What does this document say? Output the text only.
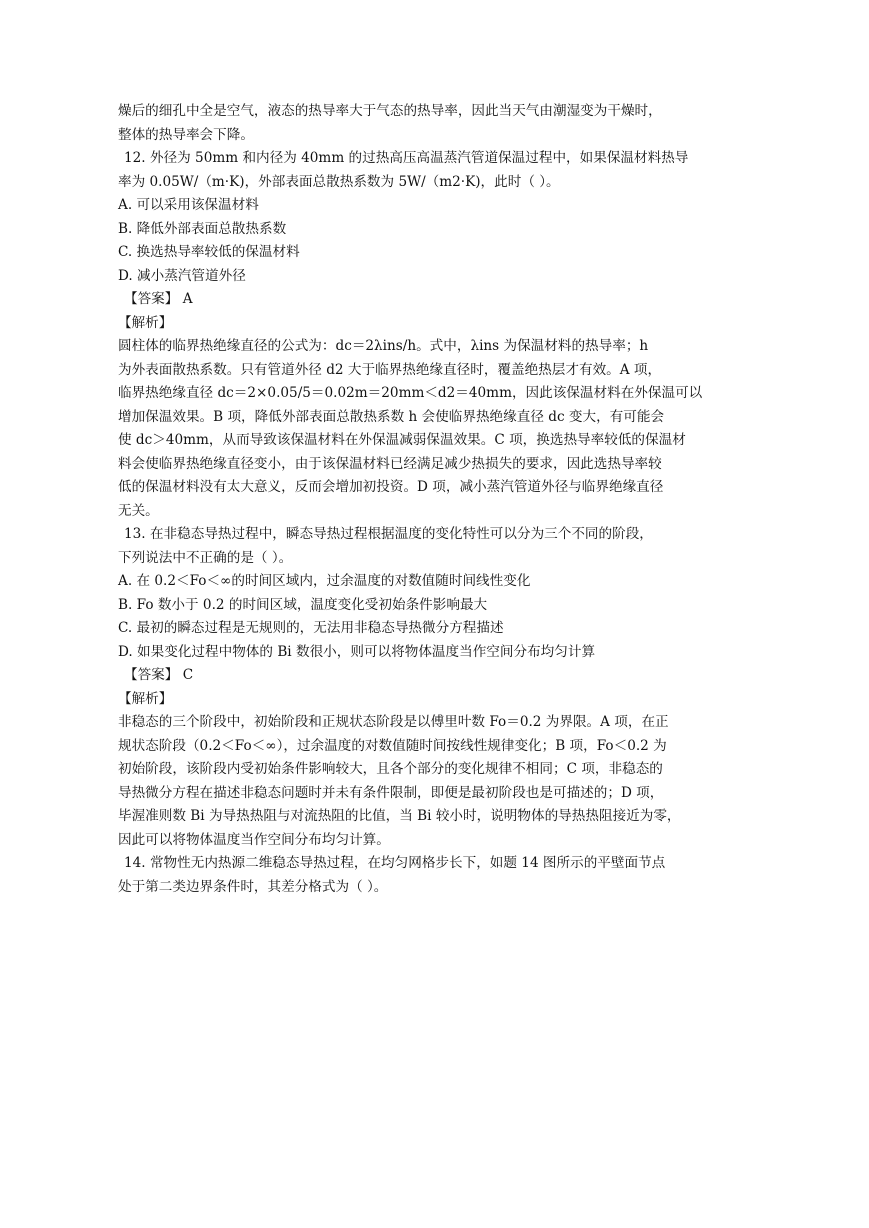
燥后的细孔中全是空气，液态的热导率大于气态的热导率，因此当天气由潮湿变为干燥时，

整体的热导率会下降。

12. 外径为 50mm 和内径为 40mm 的过热高压高温蒸汽管道保温过程中，如果保温材料热导

率为 0.05W/（m·K)，外部表面总散热系数为 5W/（m2·K)，此时（ ）。

A. 可以采用该保温材料

B. 降低外部表面总散热系数

C. 换选热导率较低的保温材料

D. 减小蒸汽管道外径

【答案】 A

【解析】

圆柱体的临界热绝缘直径的公式为：dc＝2λins/h。式中，λins 为保温材料的热导率；h

为外表面散热系数。只有管道外径 d2 大于临界热绝缘直径时，覆盖绝热层才有效。A 项，

临界热绝缘直径 dc＝2×0.05/5＝0.02m＝20mm＜d2＝40mm，因此该保温材料在外保温可以

增加保温效果。B 项，降低外部表面总散热系数 h 会使临界热绝缘直径 dc 变大，有可能会

使 dc＞40mm，从而导致该保温材料在外保温减弱保温效果。C 项，换选热导率较低的保温材

料会使临界热绝缘直径变小，由于该保温材料已经满足减少热损失的要求，因此选热导率较

低的保温材料没有太大意义，反而会增加初投资。D 项，减小蒸汽管道外径与临界绝缘直径

无关。

13. 在非稳态导热过程中，瞬态导热过程根据温度的变化特性可以分为三个不同的阶段，

下列说法中不正确的是（ ）。

A. 在 0.2＜Fo＜∞的时间区域内，过余温度的对数值随时间线性变化

B. Fo 数小于 0.2 的时间区域，温度变化受初始条件影响最大

C. 最初的瞬态过程是无规则的，无法用非稳态导热微分方程描述

D. 如果变化过程中物体的 Bi 数很小，则可以将物体温度当作空间分布均匀计算

【答案】 C

【解析】

非稳态的三个阶段中，初始阶段和正规状态阶段是以傅里叶数 Fo＝0.2 为界限。A 项，在正

规状态阶段（0.2＜Fo＜∞），过余温度的对数值随时间按线性规律变化；B 项，Fo＜0.2 为

初始阶段，该阶段内受初始条件影响较大，且各个部分的变化规律不相同；C 项，非稳态的

导热微分方程在描述非稳态问题时并未有条件限制，即便是最初阶段也是可描述的；D 项，

毕渥准则数 Bi 为导热热阻与对流热阻的比值，当 Bi 较小时，说明物体的导热热阻接近为零，

因此可以将物体温度当作空间分布均匀计算。

14. 常物性无内热源二维稳态导热过程，在均匀网格步长下，如题 14 图所示的平壁面节点

处于第二类边界条件时，其差分格式为（ ）。
